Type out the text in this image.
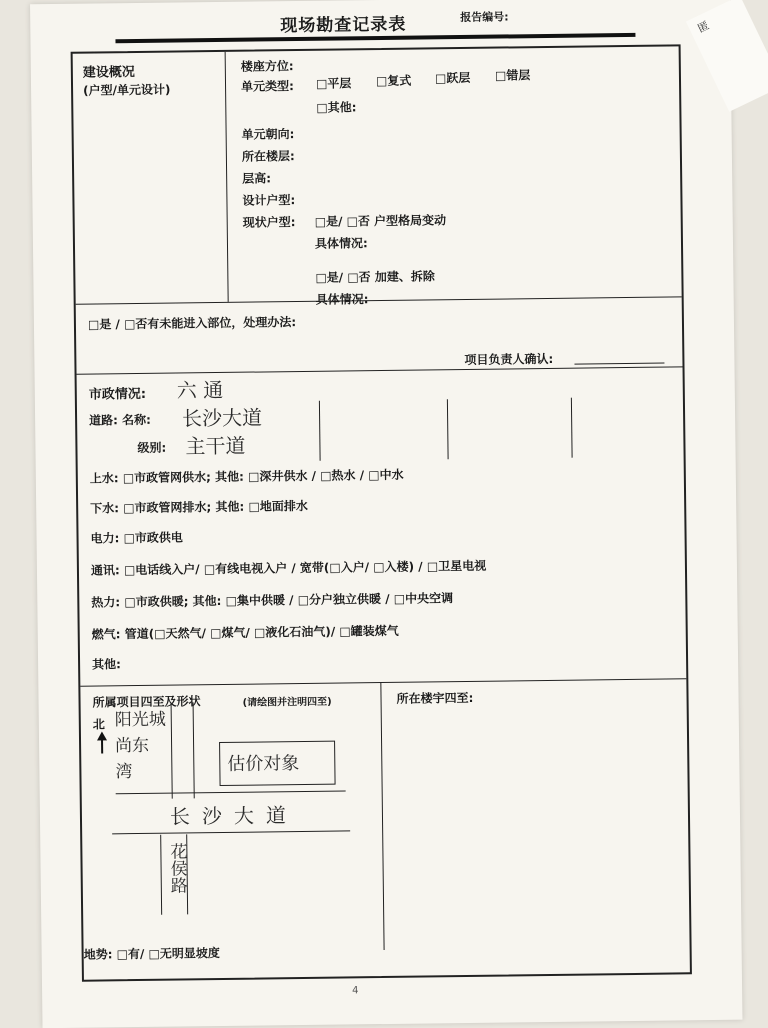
匿
现场勘查记录表	报告编号:
建设概况
(户型/单元设计)
楼座方位:
单元类型: □平层 □复式 □跃层 □错层
□其他:
单元朝向:
所在楼层:
层高:
设计户型:
现状户型: □是/ □否 户型格局变动
具体情况:
□是/ □否 加建、拆除
具体情况:
□是 / □否有未能进入部位，处理办法:
项目负责人确认:
市政情况: 六 通
道路: 名称: 长沙大道
级别: 主干道
上水: □市政管网供水; 其他: □深井供水 / □热水 / □中水
下水: □市政管网排水; 其他: □地面排水
电力: □市政供电
通讯: □电话线入户/ □有线电视入户 / 宽带(□入户/ □入楼) / □卫星电视
热力: □市政供暖; 其他: □集中供暖 / □分户独立供暖 / □中央空调
燃气: 管道(□天然气/ □煤气/ □液化石油气)/ □罐装煤气
其他:
所属项目四至及形状	(请绘图并注明四至)	所在楼宇四至:
北 阳光城
尚东
湾	估价对象
长沙大道
花侯路
地势: □有/ □无明显坡度
4
